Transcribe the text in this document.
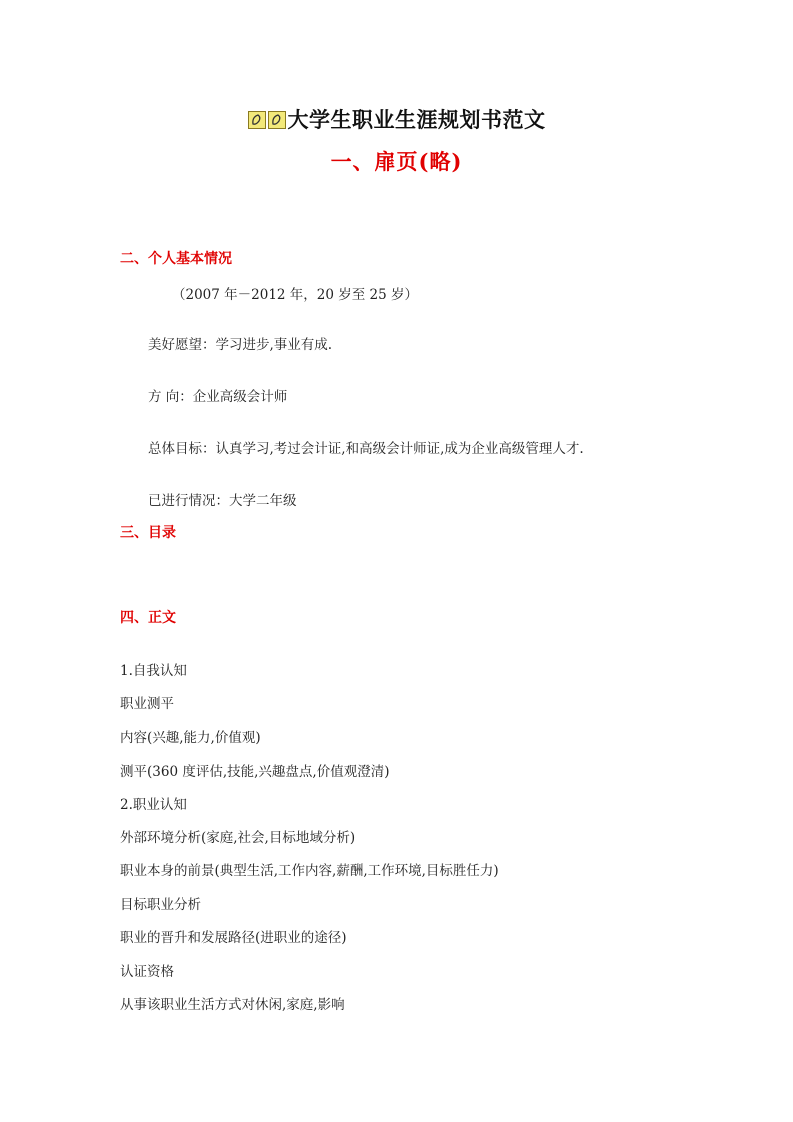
大学生职业生涯规划书范文
一、扉页(略)
二、个人基本情况
（2007 年－2012 年，20 岁至 25 岁）
美好愿望：学习进步,事业有成.
方 向：企业高级会计师
总体目标：认真学习,考过会计证,和高级会计师证,成为企业高级管理人才.
已进行情况：大学二年级
三、目录
四、正文
1.自我认知
职业测平
内容(兴趣,能力,价值观)
测平(360 度评估,技能,兴趣盘点,价值观澄清)
2.职业认知
外部环境分析(家庭,社会,目标地域分析)
职业本身的前景(典型生活,工作内容,薪酬,工作环境,目标胜任力)
目标职业分析
职业的晋升和发展路径(进职业的途径)
认证资格
从事该职业生活方式对休闲,家庭,影响
